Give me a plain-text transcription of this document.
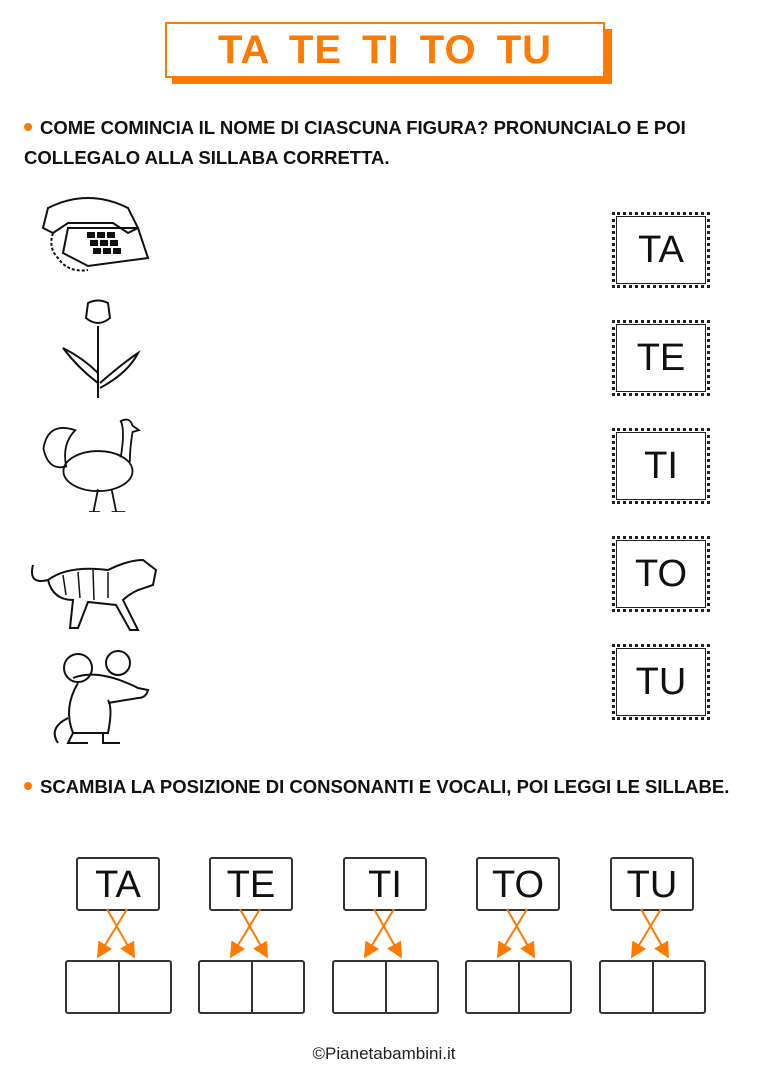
TA TE TI TO TU
COME COMINCIA IL NOME DI CIASCUNA FIGURA? PRONUNCIALO E POI COLLEGALO ALLA SILLABA CORRETTA.
TA
TE
TI
TO
TU
SCAMBIA LA POSIZIONE DI CONSONANTI E VOCALI, POI LEGGI LE SILLABE.
TA	TE	TI	TO	TU
©Pianetabambini.it
